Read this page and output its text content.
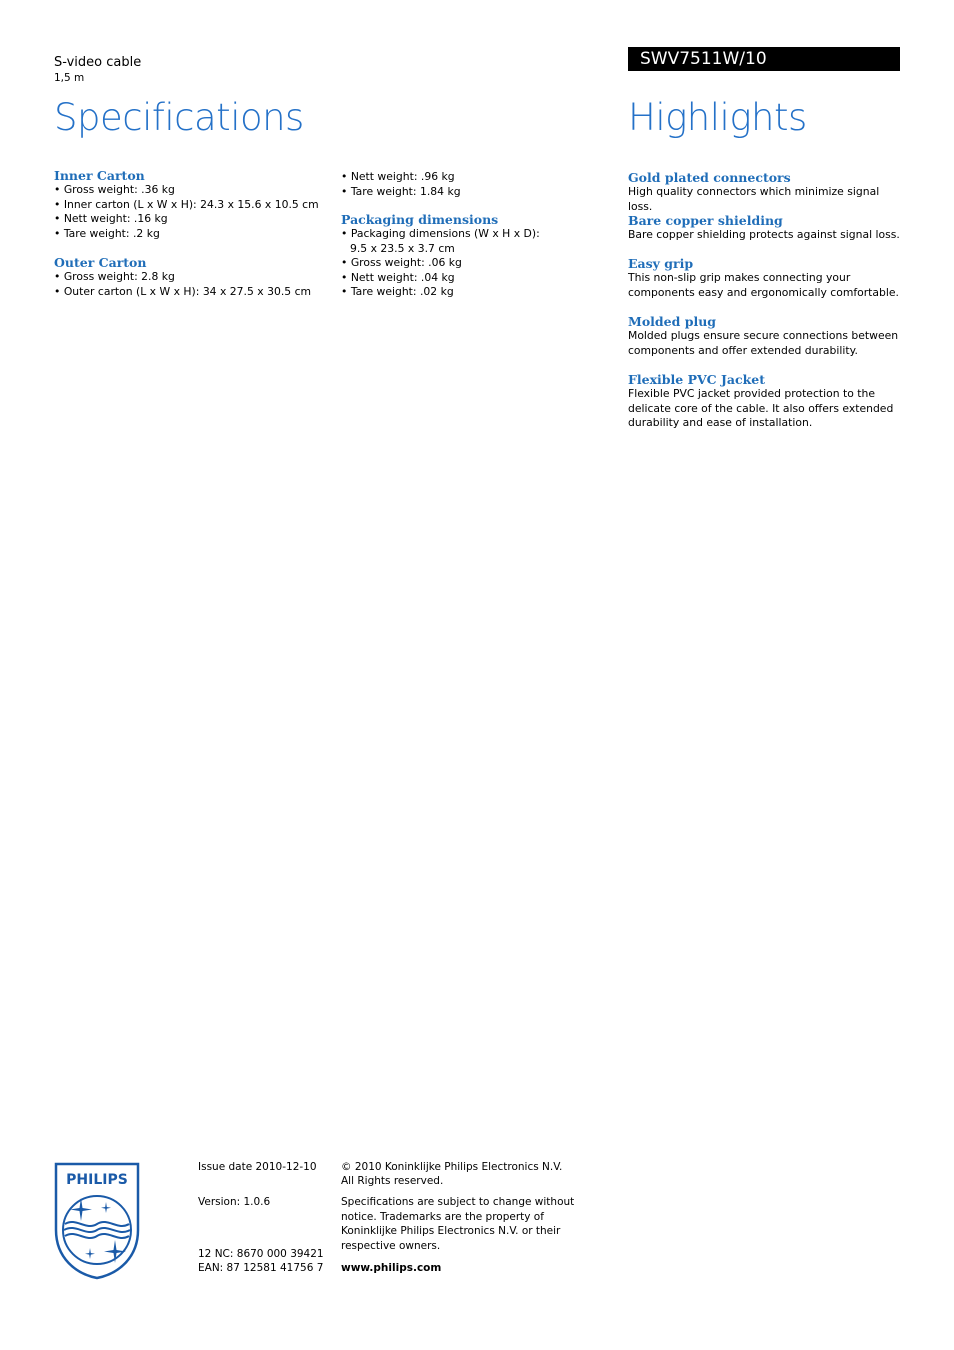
S-video cable
1,5 m
Specifications
SWV7511W/10
Highlights
Inner Carton
• Gross weight: .36 kg
• Inner carton (L x W x H): 24.3 x 15.6 x 10.5 cm
• Nett weight: .16 kg
• Tare weight: .2 kg
Outer Carton
• Gross weight: 2.8 kg
• Outer carton (L x W x H): 34 x 27.5 x 30.5 cm
• Nett weight: .96 kg
• Tare weight: 1.84 kg
Packaging dimensions
• Packaging dimensions (W x H x D): 9.5 x 23.5 x 3.7 cm
• Gross weight: .06 kg
• Nett weight: .04 kg
• Tare weight: .02 kg
Gold plated connectors
High quality connectors which minimize signal loss.
Bare copper shielding
Bare copper shielding protects against signal loss.
Easy grip
This non-slip grip makes connecting your components easy and ergonomically comfortable.
Molded plug
Molded plugs ensure secure connections between components and offer extended durability.
Flexible PVC Jacket
Flexible PVC jacket provided protection to the delicate core of the cable. It also offers extended durability and ease of installation.
PHILIPS
Issue date 2010-12-10
Version: 1.0.6
12 NC: 8670 000 39421
EAN: 87 12581 41756 7
© 2010 Koninklijke Philips Electronics N.V.
All Rights reserved.
Specifications are subject to change without notice. Trademarks are the property of Koninklijke Philips Electronics N.V. or their respective owners.
www.philips.com
